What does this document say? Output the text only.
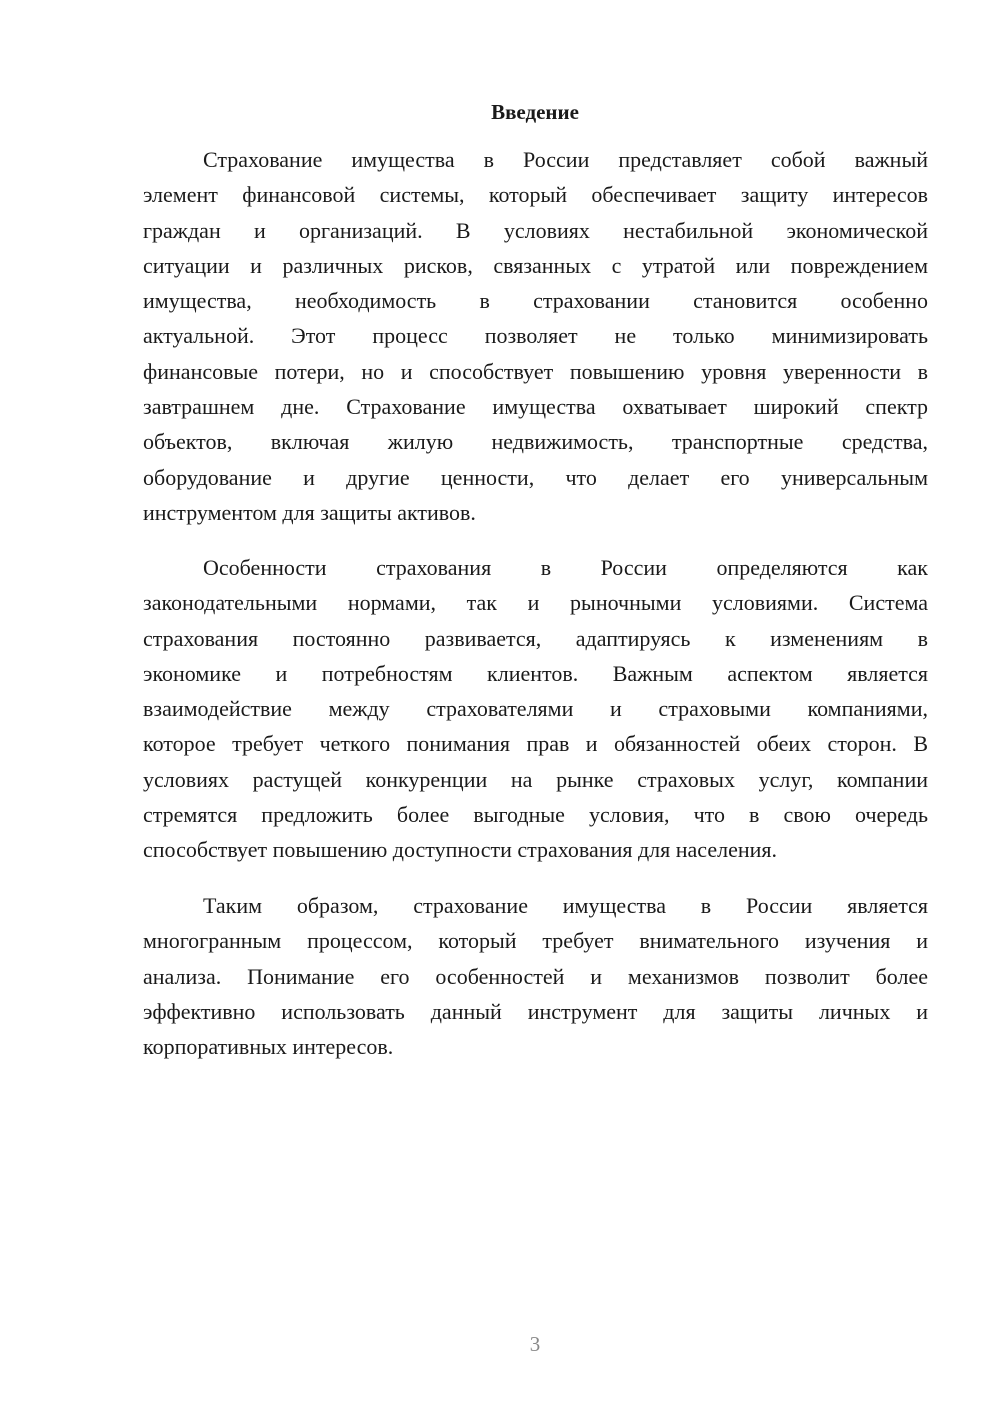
Введение
Страхование имущества в России представляет собой важный
элемент финансовой системы, который обеспечивает защиту интересов
граждан и организаций. В условиях нестабильной экономической
ситуации и различных рисков, связанных с утратой или повреждением
имущества, необходимость в страховании становится особенно
актуальной. Этот процесс позволяет не только минимизировать
финансовые потери, но и способствует повышению уровня уверенности в
завтрашнем дне. Страхование имущества охватывает широкий спектр
объектов, включая жилую недвижимость, транспортные средства,
оборудование и другие ценности, что делает его универсальным
инструментом для защиты активов.
Особенности страхования в России определяются как
законодательными нормами, так и рыночными условиями. Система
страхования постоянно развивается, адаптируясь к изменениям в
экономике и потребностям клиентов. Важным аспектом является
взаимодействие между страхователями и страховыми компаниями,
которое требует четкого понимания прав и обязанностей обеих сторон. В
условиях растущей конкуренции на рынке страховых услуг, компании
стремятся предложить более выгодные условия, что в свою очередь
способствует повышению доступности страхования для населения.
Таким образом, страхование имущества в России является
многогранным процессом, который требует внимательного изучения и
анализа. Понимание его особенностей и механизмов позволит более
эффективно использовать данный инструмент для защиты личных и
корпоративных интересов.
3
